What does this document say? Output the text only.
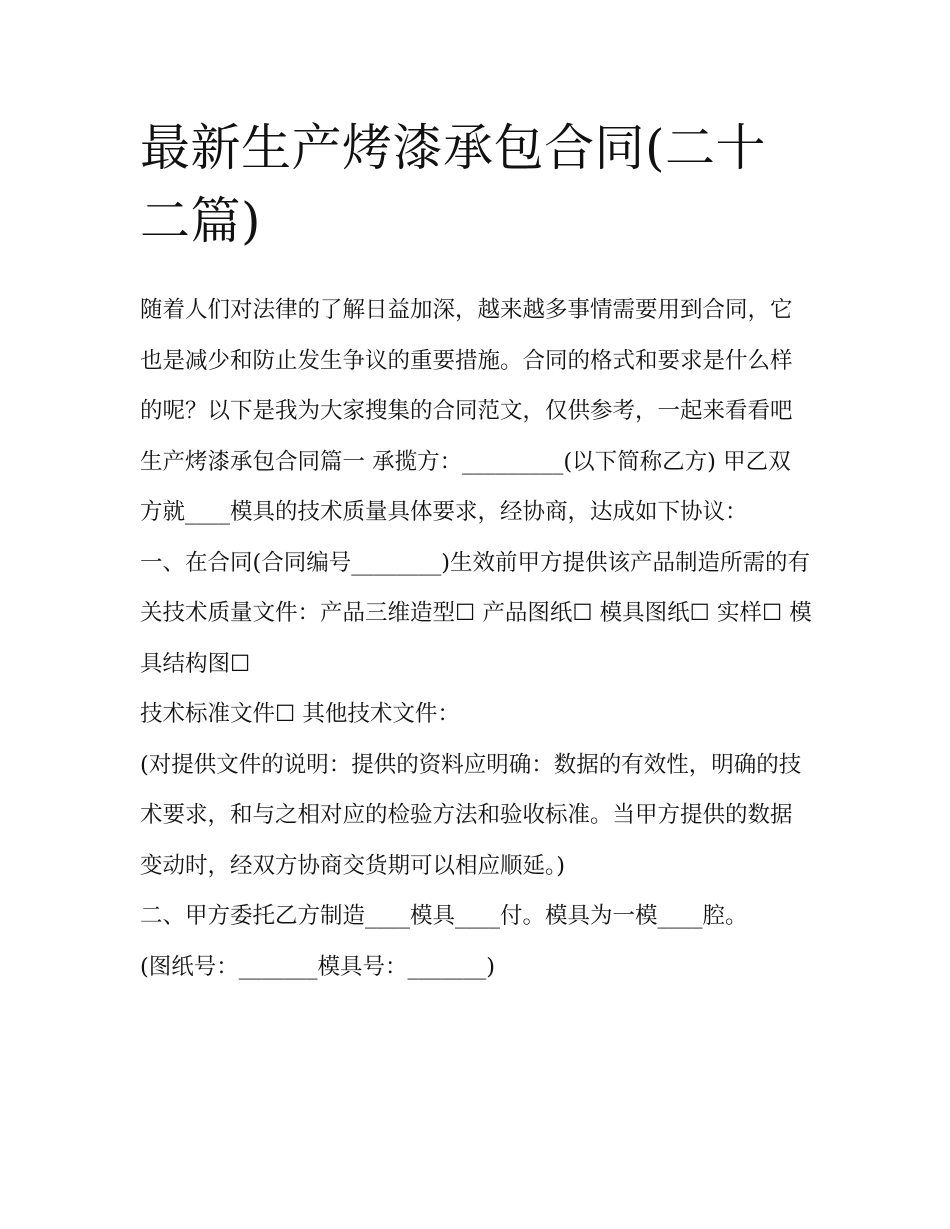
最新生产烤漆承包合同(二十二篇)

随着人们对法律的了解日益加深，越来越多事情需要用到合同，它也是减少和防止发生争议的重要措施。合同的格式和要求是什么样的呢？以下是我为大家搜集的合同范文，仅供参考，一起来看看吧

生产烤漆承包合同篇一 承揽方：_________(以下简称乙方) 甲乙双方就____模具的技术质量具体要求，经协商，达成如下协议：

一、在合同(合同编号________)生效前甲方提供该产品制造所需的有关技术质量文件：产品三维造型☐ 产品图纸☐ 模具图纸☐ 实样☐ 模具结构图☐

技术标准文件☐ 其他技术文件：

(对提供文件的说明：提供的资料应明确：数据的有效性，明确的技术要求，和与之相对应的检验方法和验收标准。当甲方提供的数据变动时，经双方协商交货期可以相应顺延。)

二、甲方委托乙方制造____模具____付。模具为一模____腔。

(图纸号：_______模具号：_______)
